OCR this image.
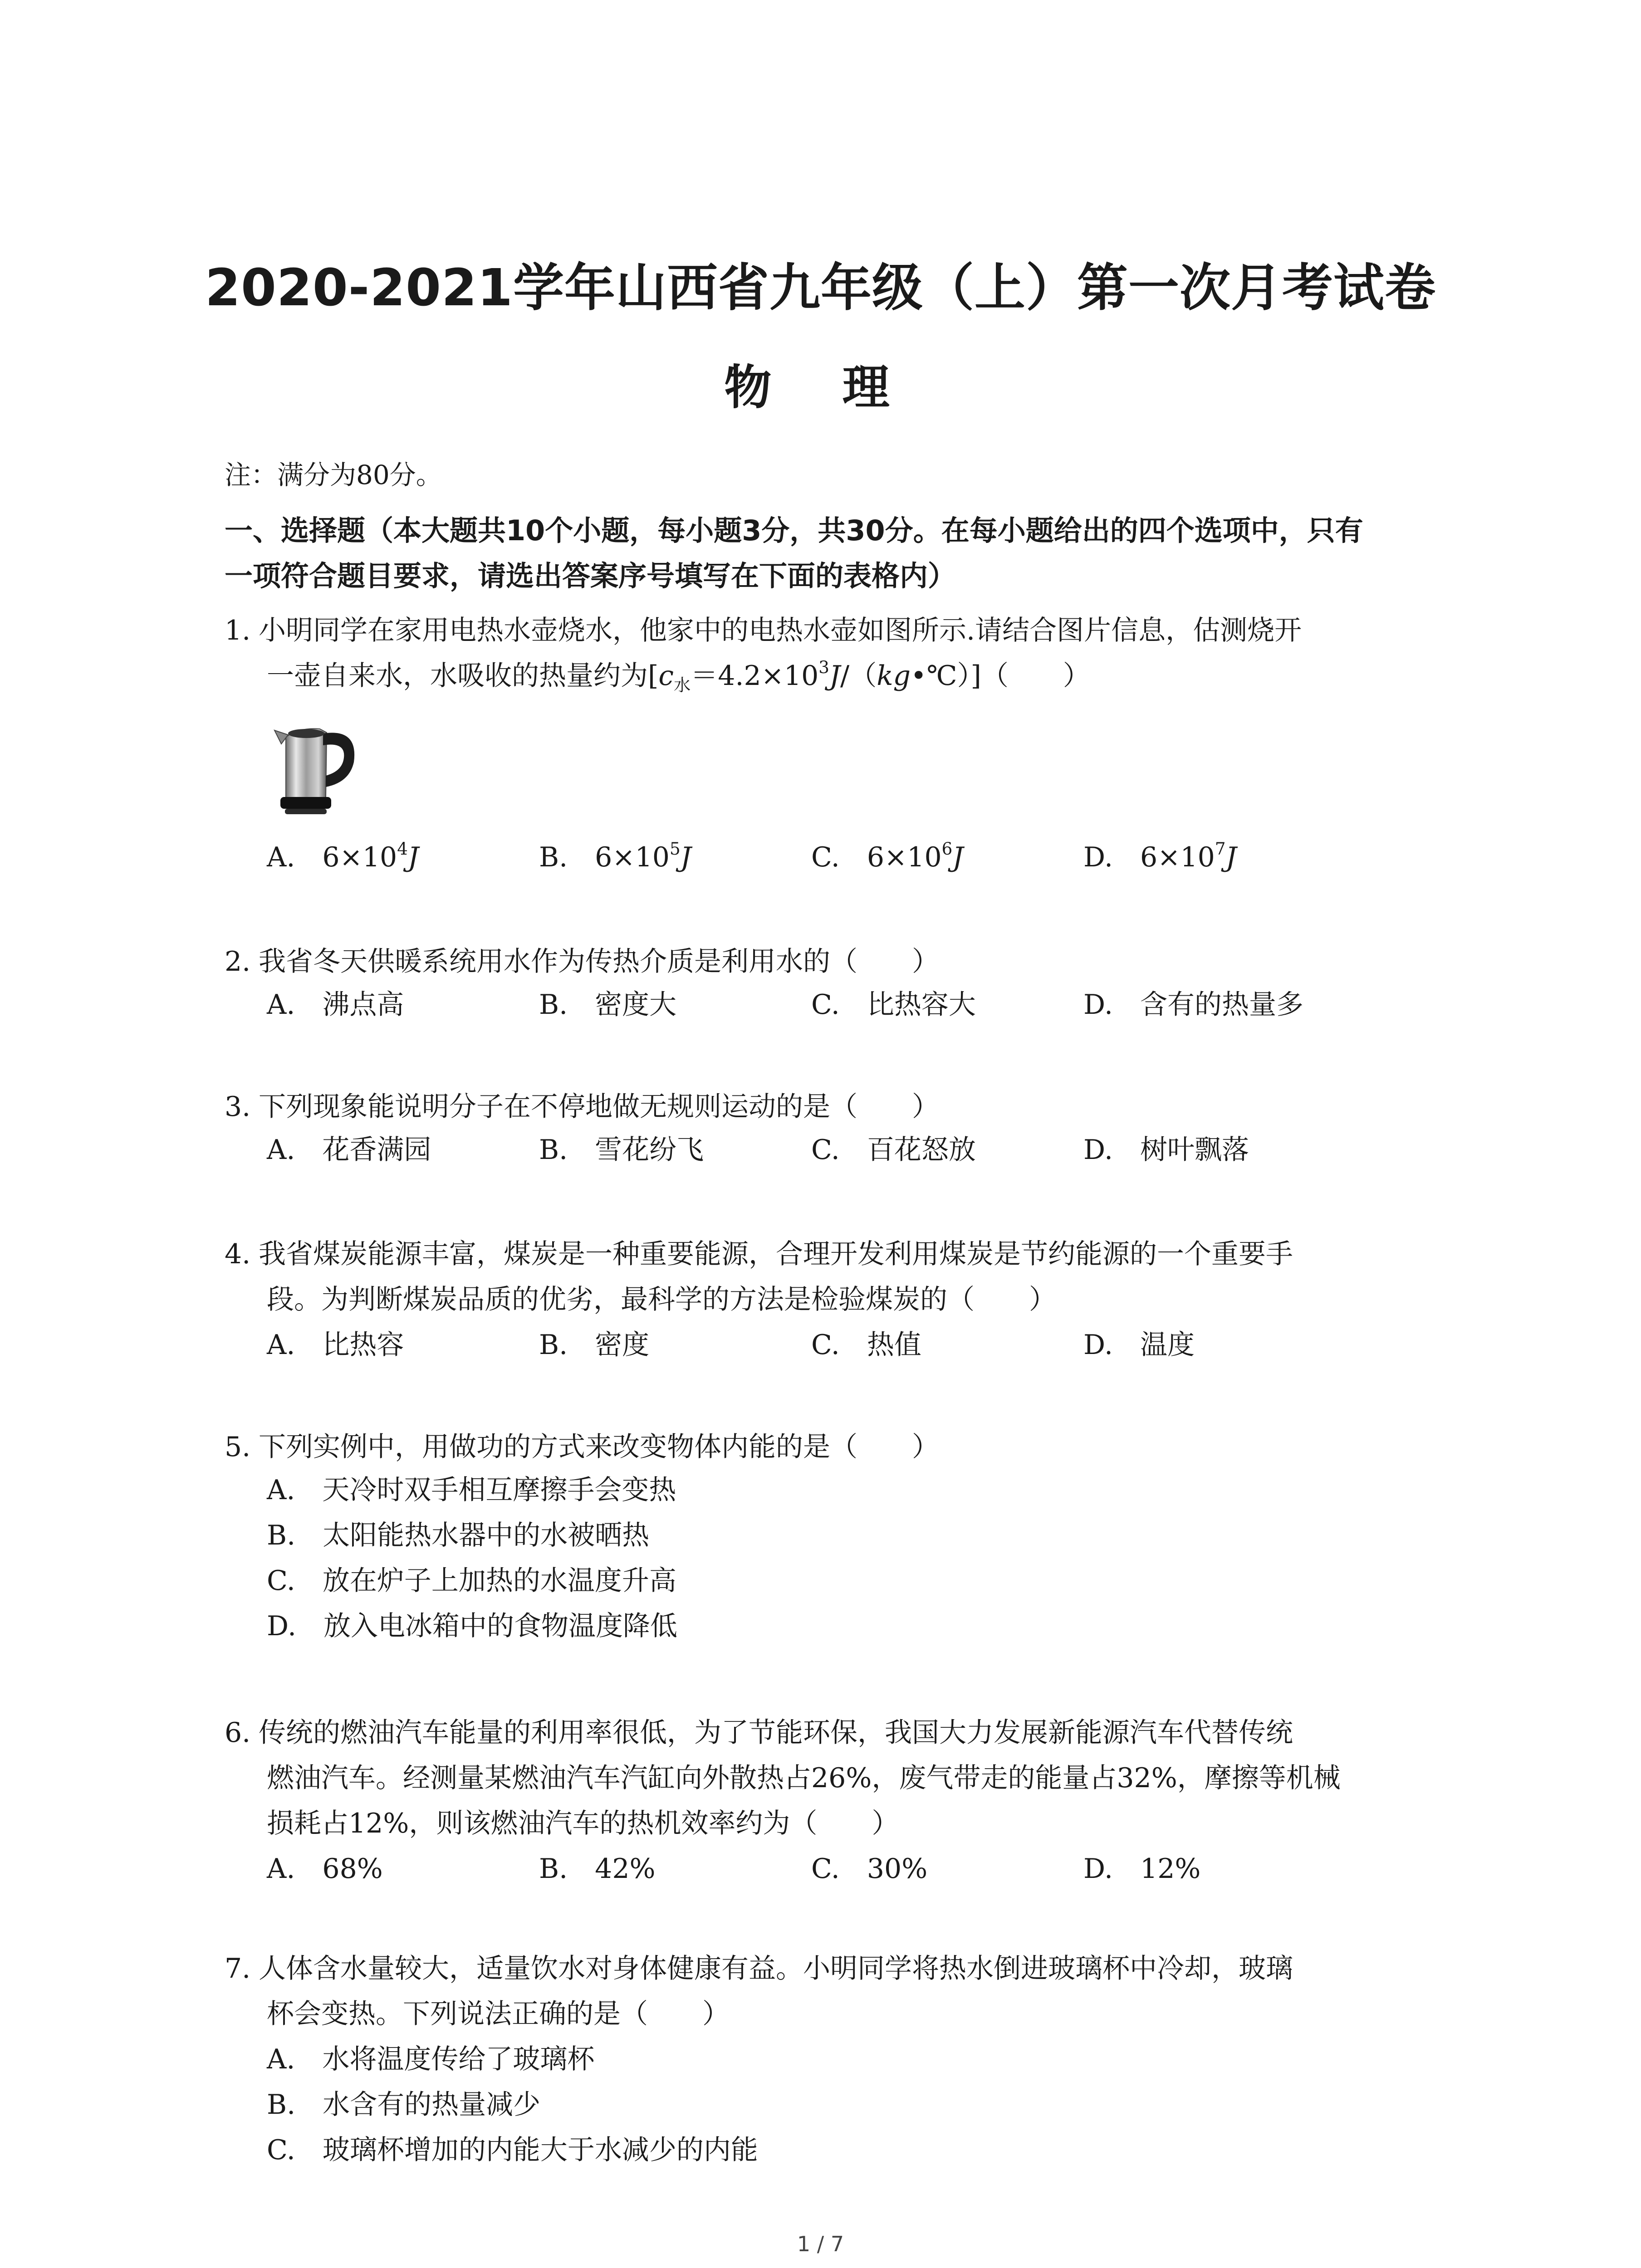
2020-2021学年山西省九年级（上）第一次月考试卷
物 理
注：满分为80分。
一、选择题（本大题共10个小题，每小题3分，共30分。在每小题给出的四个选项中，只有
一项符合题目要求，请选出答案序号填写在下面的表格内）
1. 小明同学在家用电热水壶烧水，他家中的电热水壶如图所示.请结合图片信息，估测烧开
一壶自来水，水吸收的热量约为$[c_水=4.2\times 10^3J/(kg•℃)]$（　　）
A.　 $6\times 10^4J$	B.　 $6\times 10^5J$	C.　 $6\times 10^6J$	D.　 $6\times 10^7J$
2. 我省冬天供暖系统用水作为传热介质是利用水的（　　）
A.　沸点高	B.　密度大	C.　比热容大	D.　含有的热量多
3. 下列现象能说明分子在不停地做无规则运动的是（　　）
A.　花香满园	B.　雪花纷飞	C.　百花怒放	D.　树叶飘落
4. 我省煤炭能源丰富，煤炭是一种重要能源，合理开发利用煤炭是节约能源的一个重要手
段。为判断煤炭品质的优劣，最科学的方法是检验煤炭的（　　）
A.　比热容	B.　密度	C.　热值	D.　温度
5. 下列实例中，用做功的方式来改变物体内能的是（　　）
A.　天冷时双手相互摩擦手会变热
B.　太阳能热水器中的水被晒热
C.　放在炉子上加热的水温度升高
D.　放入电冰箱中的食物温度降低
6. 传统的燃油汽车能量的利用率很低，为了节能环保，我国大力发展新能源汽车代替传统
燃油汽车。经测量某燃油汽车汽缸向外散热占26%，废气带走的能量占32%，摩擦等机械
损耗占12%，则该燃油汽车的热机效率约为（　　）
A.　68%	B.　42%	C.　30%	D.　12%
7. 人体含水量较大，适量饮水对身体健康有益。小明同学将热水倒进玻璃杯中冷却，玻璃
杯会变热。下列说法正确的是（　　）
A.　水将温度传给了玻璃杯
B.　水含有的热量减少
C.　玻璃杯增加的内能大于水减少的内能
1 / 7
